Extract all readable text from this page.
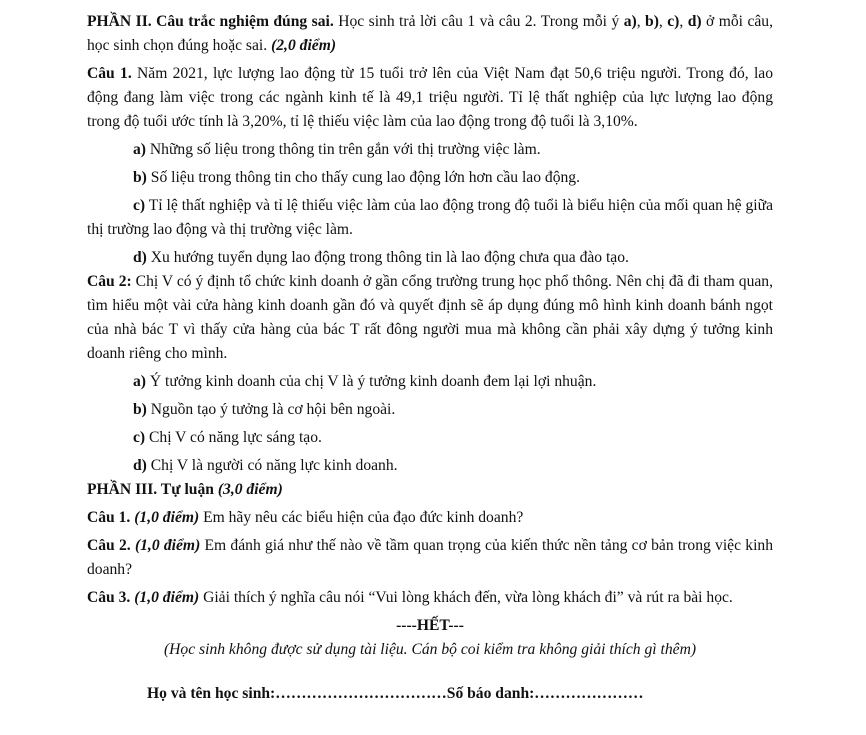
PHẦN II. Câu trắc nghiệm đúng sai. Học sinh trả lời câu 1 và câu 2. Trong mỗi ý a), b), c), d) ở mỗi câu, học sinh chọn đúng hoặc sai. (2,0 điểm)

Câu 1. Năm 2021, lực lượng lao động từ 15 tuổi trở lên của Việt Nam đạt 50,6 triệu người. Trong đó, lao động đang làm việc trong các ngành kinh tế là 49,1 triệu người. Tỉ lệ thất nghiệp của lực lượng lao động trong độ tuổi ước tính là 3,20%, tỉ lệ thiếu việc làm của lao động trong độ tuổi là 3,10%.

a) Những số liệu trong thông tin trên gắn với thị trường việc làm.

b) Số liệu trong thông tin cho thấy cung lao động lớn hơn cầu lao động.

c) Tỉ lệ thất nghiệp và tỉ lệ thiếu việc làm của lao động trong độ tuổi là biểu hiện của mối quan hệ giữa thị trường lao động và thị trường việc làm.

d) Xu hướng tuyển dụng lao động trong thông tin là lao động chưa qua đào tạo.

Câu 2: Chị V có ý định tổ chức kinh doanh ở gần cổng trường trung học phổ thông. Nên chị đã đi tham quan, tìm hiểu một vài cửa hàng kinh doanh gần đó và quyết định sẽ áp dụng đúng mô hình kinh doanh bánh ngọt của nhà bác T vì thấy cửa hàng của bác T rất đông người mua mà không cần phải xây dựng ý tưởng kinh doanh riêng cho mình.

a) Ý tưởng kinh doanh của chị V là ý tưởng kinh doanh đem lại lợi nhuận.

b) Nguồn tạo ý tưởng là cơ hội bên ngoài.

c) Chị V có năng lực sáng tạo.

d) Chị V là người có năng lực kinh doanh.

PHẦN III. Tự luận (3,0 điểm)

Câu 1. (1,0 điểm) Em hãy nêu các biểu hiện của đạo đức kinh doanh?

Câu 2. (1,0 điểm) Em đánh giá như thế nào về tầm quan trọng của kiến thức nền tảng cơ bản trong việc kinh doanh?

Câu 3. (1,0 điểm) Giải thích ý nghĩa câu nói “Vui lòng khách đến, vừa lòng khách đi” và rút ra bài học.

----HẾT---

(Học sinh không được sử dụng tài liệu. Cán bộ coi kiểm tra không giải thích gì thêm)

Họ và tên học sinh:……………………………Số báo danh:…………………
